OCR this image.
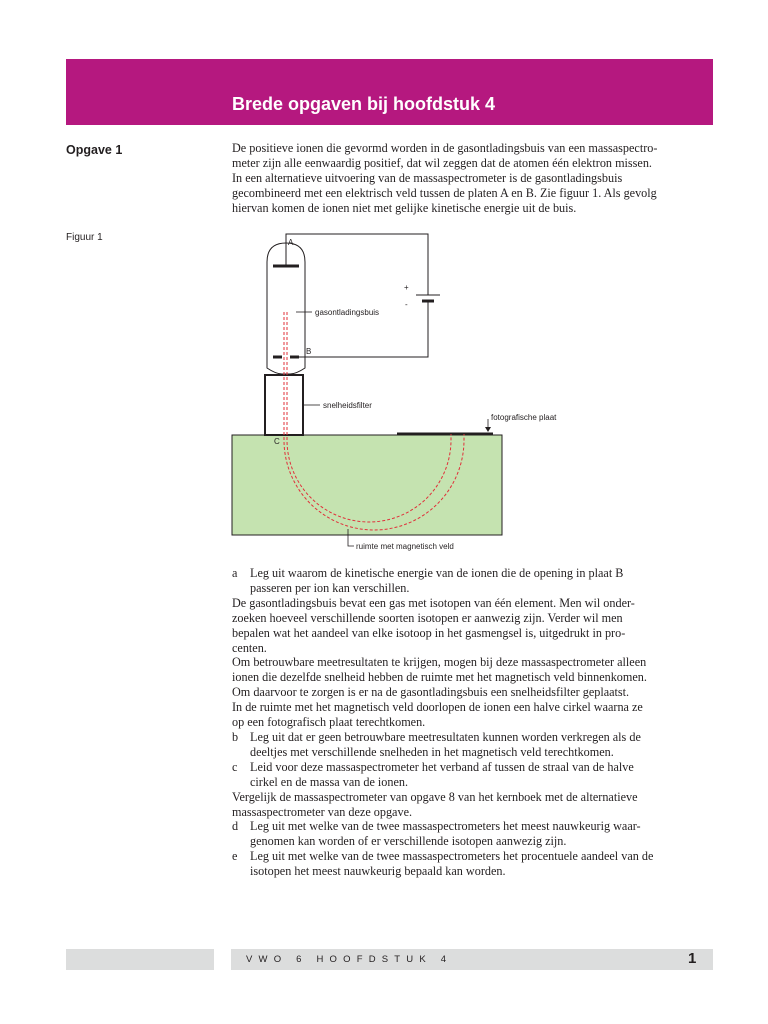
Brede opgaven bij hoofdstuk 4
Opgave 1
Figuur 1

De positieve ionen die gevormd worden in de gasontladingsbuis van een massaspectro-

meter zijn alle eenwaardig positief, dat wil zeggen dat de atomen één elektron missen.

In een alternatieve uitvoering van de massaspectrometer is de gasontladingsbuis

gecombineerd met een elektrisch veld tussen de platen A en B. Zie figuur 1. Als gevolg

hiervan komen de ionen niet met gelijke kinetische energie uit de buis.

A
B
C
+
-
gasontladingsbuis
snelheidsfilter
fotografische plaat
ruimte met magnetisch veld
a Leg uit waarom de kinetische energie van de ionen die de opening in plaat B

passeren per ion kan verschillen.

De gasontladingsbuis bevat een gas met isotopen van één element. Men wil onder-

zoeken hoeveel verschillende soorten isotopen er aanwezig zijn. Verder wil men

bepalen wat het aandeel van elke isotoop in het gasmengsel is, uitgedrukt in pro-

centen.

Om betrouwbare meetresultaten te krijgen, mogen bij deze massaspectrometer alleen

ionen die dezelfde snelheid hebben de ruimte met het magnetisch veld binnenkomen.

Om daarvoor te zorgen is er na de gasontladingsbuis een snelheidsfilter geplaatst.

In de ruimte met het magnetisch veld doorlopen de ionen een halve cirkel waarna ze

op een fotografisch plaat terechtkomen.

b Leg uit dat er geen betrouwbare meetresultaten kunnen worden verkregen als de

deeltjes met verschillende snelheden in het magnetisch veld terechtkomen.

c Leid voor deze massaspectrometer het verband af tussen de straal van de halve

cirkel en de massa van de ionen.

Vergelijk de massaspectrometer van opgave 8 van het kernboek met de alternatieve

massaspectrometer van deze opgave.

d Leg uit met welke van de twee massaspectrometers het meest nauwkeurig waar-

genomen kan worden of er verschillende isotopen aanwezig zijn.

e Leg uit met welke van de twee massaspectrometers het procentuele aandeel van de

isotopen het meest nauwkeurig bepaald kan worden.

VWO 6 HOOFDSTUK 4	1
